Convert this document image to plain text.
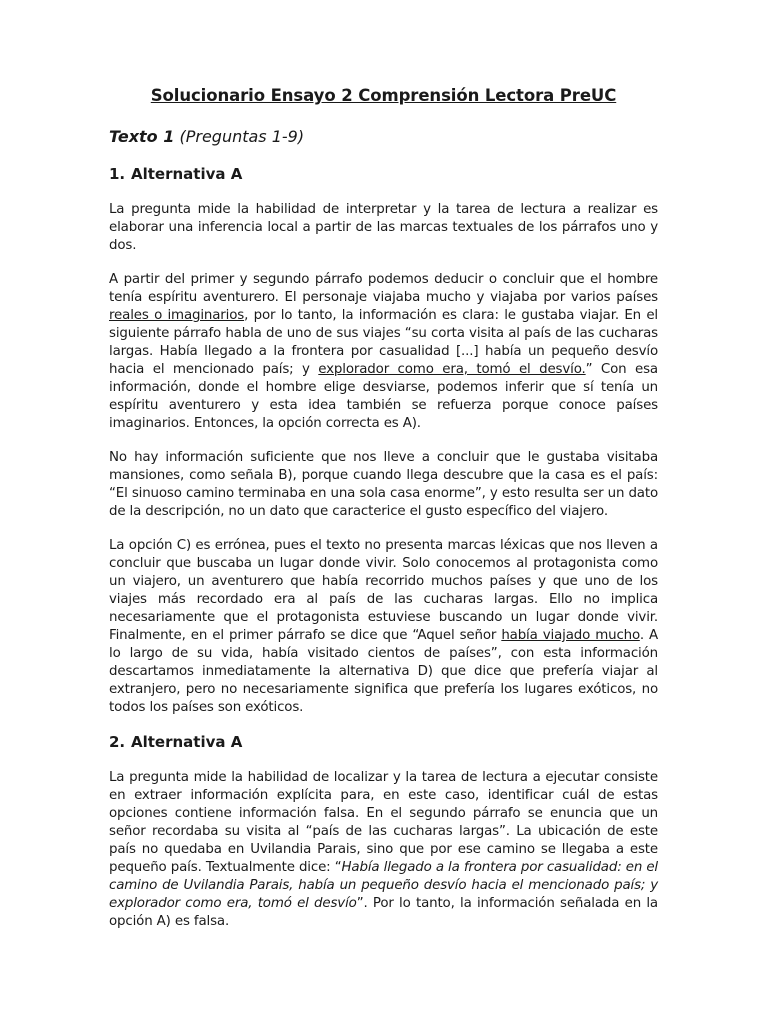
Solucionario Ensayo 2 Comprensión Lectora PreUC
Texto 1 (Preguntas 1-9)
1. Alternativa A

La pregunta mide la habilidad de interpretar y la tarea de lectura a realizar es elaborar una inferencia local a partir de las marcas textuales de los párrafos uno y dos.

A partir del primer y segundo párrafo podemos deducir o concluir que el hombre tenía espíritu aventurero. El personaje viajaba mucho y viajaba por varios países reales o imaginarios, por lo tanto, la información es clara: le gustaba viajar. En el siguiente párrafo habla de uno de sus viajes “su corta visita al país de las cucharas largas. Había llegado a la frontera por casualidad [...] había un pequeño desvío hacia el mencionado país; y explorador como era, tomó el desvío.” Con esa información, donde el hombre elige desviarse, podemos inferir que sí tenía un espíritu aventurero y esta idea también se refuerza porque conoce países imaginarios. Entonces, la opción correcta es A).

No hay información suficiente que nos lleve a concluir que le gustaba visitaba mansiones, como señala B), porque cuando llega descubre que la casa es el país: “El sinuoso camino terminaba en una sola casa enorme”, y esto resulta ser un dato de la descripción, no un dato que caracterice el gusto específico del viajero.

La opción C) es errónea, pues el texto no presenta marcas léxicas que nos lleven a concluir que buscaba un lugar donde vivir. Solo conocemos al protagonista como un viajero, un aventurero que había recorrido muchos países y que uno de los viajes más recordado era al país de las cucharas largas. Ello no implica necesariamente que el protagonista estuviese buscando un lugar donde vivir. Finalmente, en el primer párrafo se dice que “Aquel señor había viajado mucho. A lo largo de su vida, había visitado cientos de países”, con esta información descartamos inmediatamente la alternativa D) que dice que prefería viajar al extranjero, pero no necesariamente significa que prefería los lugares exóticos, no todos los países son exóticos.

2. Alternativa A

La pregunta mide la habilidad de localizar y la tarea de lectura a ejecutar consiste en extraer información explícita para, en este caso, identificar cuál de estas opciones contiene información falsa. En el segundo párrafo se enuncia que un señor recordaba su visita al “país de las cucharas largas”. La ubicación de este país no quedaba en Uvilandia Parais, sino que por ese camino se llegaba a este pequeño país. Textualmente dice: “Había llegado a la frontera por casualidad: en el camino de Uvilandia Parais, había un pequeño desvío hacia el mencionado país; y explorador como era, tomó el desvío”. Por lo tanto, la información señalada en la opción A) es falsa.
